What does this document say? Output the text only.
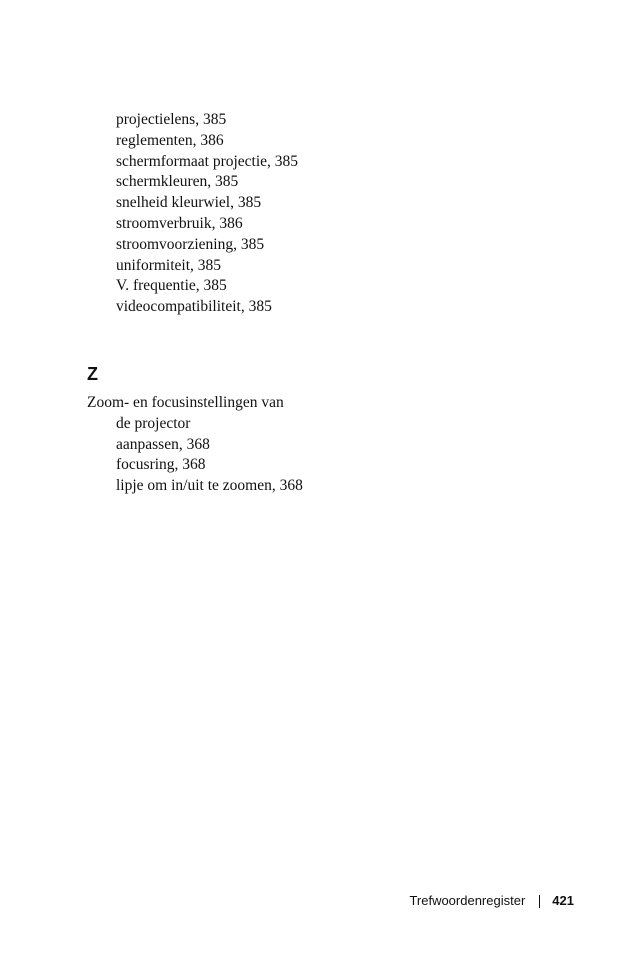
projectielens, 385
reglementen, 386
schermformaat projectie, 385
schermkleuren, 385
snelheid kleurwiel, 385
stroomverbruik, 386
stroomvoorziening, 385
uniformiteit, 385
V. frequentie, 385
videocompatibiliteit, 385
Z
Zoom- en focusinstellingen van
de projector
aanpassen, 368
focusring, 368
lipje om in/uit te zoomen, 368
Trefwoordenregister 421
